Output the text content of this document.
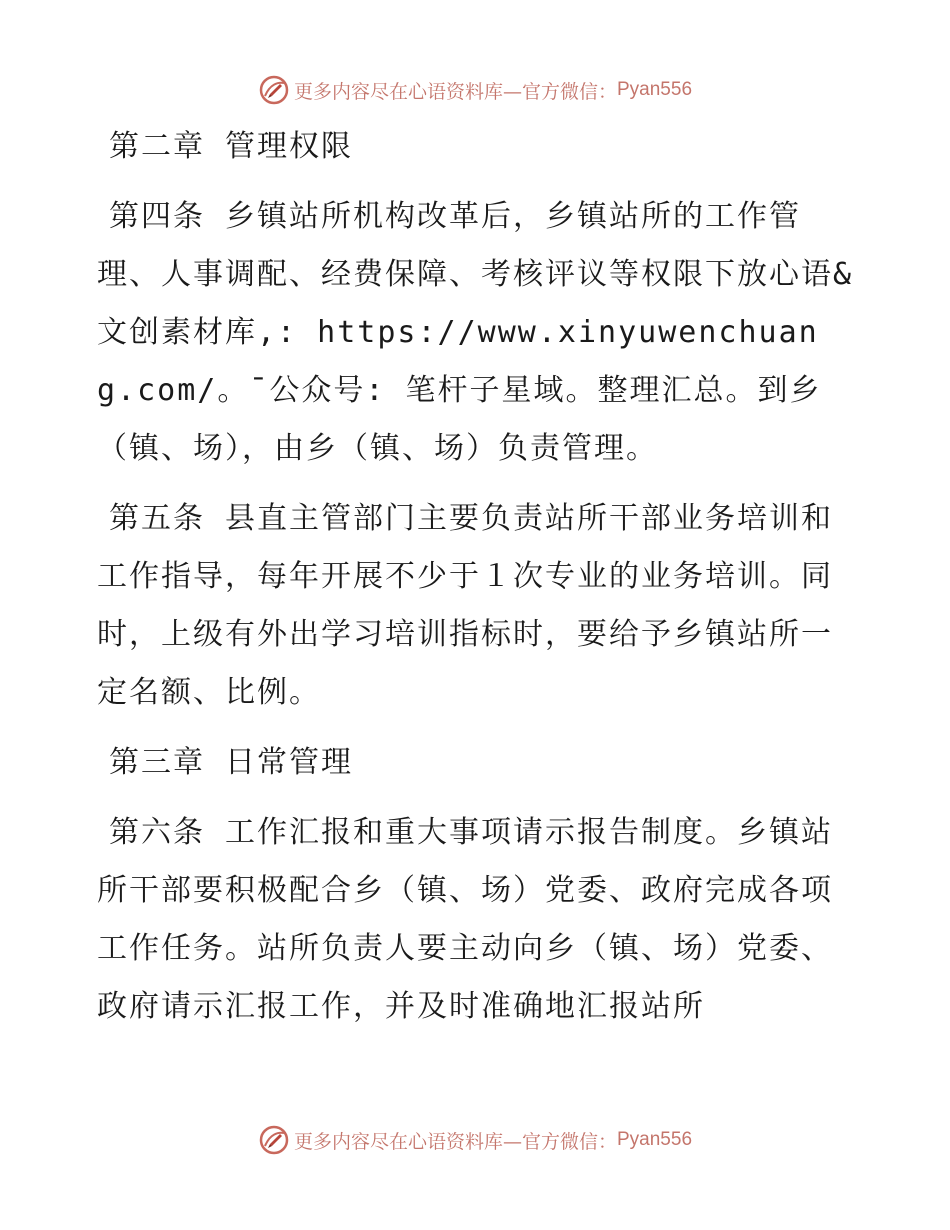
更多内容尽在心语资料库—官方微信： Pyan556

第二章 管理权限

第四条 乡镇站所机构改革后，乡镇站所的工作管理、人事调配、经费保障、考核评议等权限下放心语&文创素材库,: https://www.xinyuwenchuang.com/。¯公众号: 笔杆子星域。整理汇总。到乡（镇、场），由乡（镇、场）负责管理。

第五条 县直主管部门主要负责站所干部业务培训和工作指导，每年开展不少于１次专业的业务培训。同时，上级有外出学习培训指标时，要给予乡镇站所一定名额、比例。

第三章 日常管理

第六条 工作汇报和重大事项请示报告制度。乡镇站所干部要积极配合乡（镇、场）党委、政府完成各项工作任务。站所负责人要主动向乡（镇、场）党委、政府请示汇报工作，并及时准确地汇报站所

更多内容尽在心语资料库—官方微信： Pyan556
